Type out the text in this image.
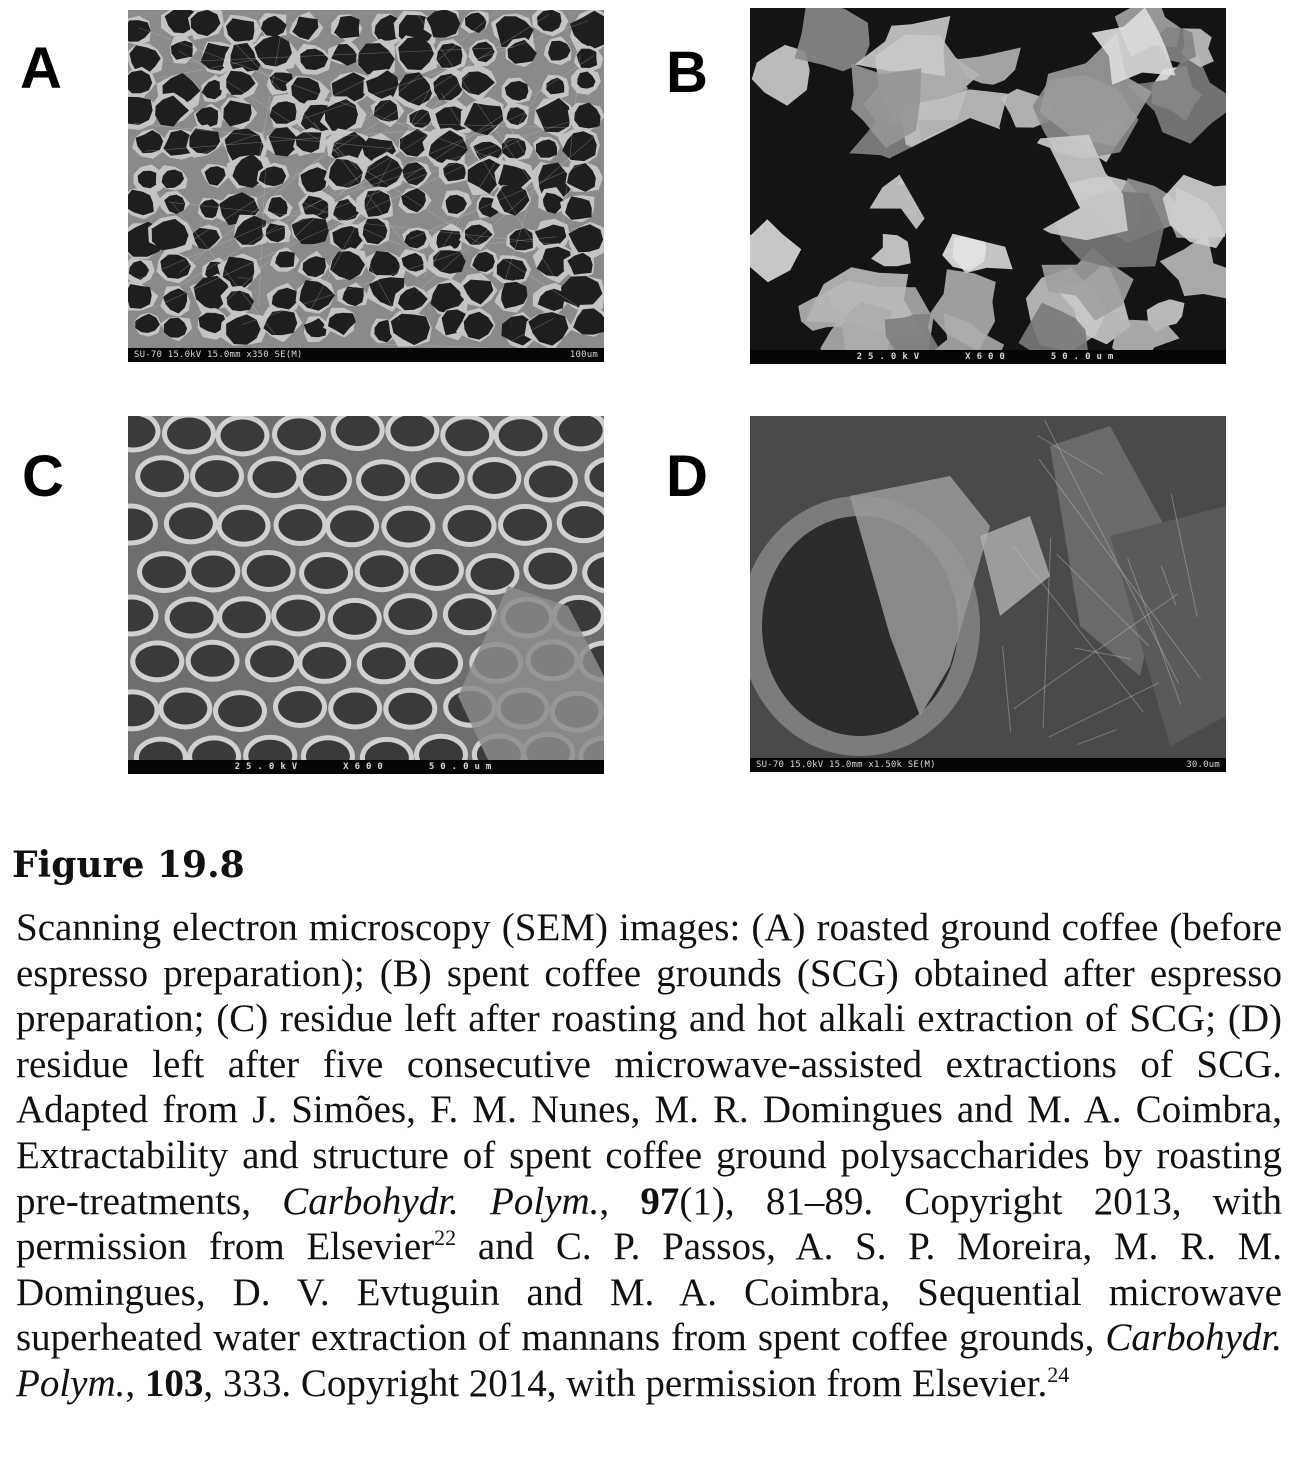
A	B
C	D
SU-70 15.0kV 15.0mm x350 SE(M)	100um	25.0kV	X600	50.0um
25.0kV	X600	50.0um	SU-70 15.0kV 15.0mm x1.50k SE(M)	30.0um
Figure 19.8
Scanning electron microscopy (SEM) images: (A) roasted ground coffee (before espresso preparation); (B) spent coffee grounds (SCG) obtained after espresso preparation; (C) residue left after roasting and hot alkali extraction of SCG; (D) residue left after five consecutive microwave-assisted extractions of SCG. Adapted from J. Simões, F. M. Nunes, M. R. Domingues and M. A. Coimbra, Extractability and structure of spent coffee ground polysaccharides by roasting pre-treatments, Carbohydr. Polym., 97(1), 81–89. Copyright 2013, with permission from Elsevier$^{22}$ and C. P. Passos, A. S. P. Moreira, M. R. M. Domingues, D. V. Evtuguin and M. A. Coimbra, Sequential microwave superheated water extraction of mannans from spent coffee grounds, Carbohydr. Polym., 103, 333. Copyright 2014, with permission from Elsevier.$^{24}$
